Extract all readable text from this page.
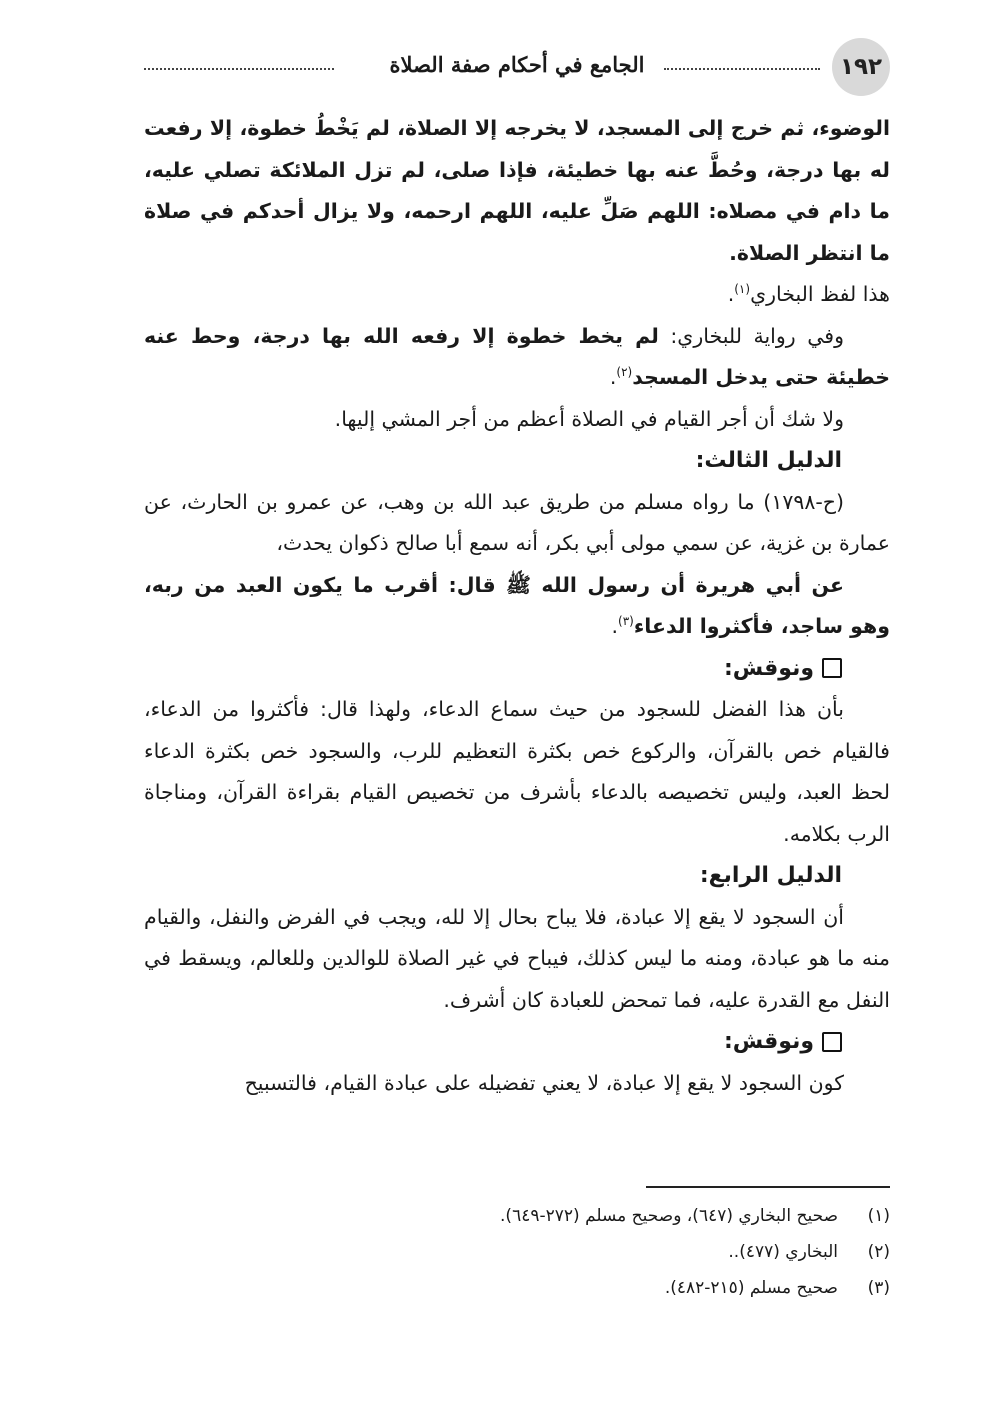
١٩٢
الجامع في أحكام صفة الصلاة

الوضوء، ثم خرج إلى المسجد، لا يخرجه إلا الصلاة، لم يَخْطُ خطوة، إلا رفعت له بها درجة، وحُطَّ عنه بها خطيئة، فإذا صلى، لم تزل الملائكة تصلي عليه، ما دام في مصلاه: اللهم صَلِّ عليه، اللهم ارحمه، ولا يزال أحدكم في صلاة ما انتظر الصلاة.
هذا لفظ البخاري$^{(١)}$.

وفي رواية للبخاري: لم يخط خطوة إلا رفعه الله بها درجة، وحط عنه خطيئة حتى يدخل المسجد$^{(٢)}$.

ولا شك أن أجر القيام في الصلاة أعظم من أجر المشي إليها.

الدليل الثالث:

(ح-١٧٩٨) ما رواه مسلم من طريق عبد الله بن وهب، عن عمرو بن الحارث، عن عمارة بن غزية، عن سمي مولى أبي بكر، أنه سمع أبا صالح ذكوان يحدث،

عن أبي هريرة أن رسول الله ﷺ قال: أقرب ما يكون العبد من ربه، وهو ساجد، فأكثروا الدعاء$^{(٣)}$.

ونوقش:

بأن هذا الفضل للسجود من حيث سماع الدعاء، ولهذا قال: فأكثروا من الدعاء، فالقيام خص بالقرآن، والركوع خص بكثرة التعظيم للرب، والسجود خص بكثرة الدعاء لحظ العبد، وليس تخصيصه بالدعاء بأشرف من تخصيص القيام بقراءة القرآن، ومناجاة الرب بكلامه.

الدليل الرابع:

أن السجود لا يقع إلا عبادة، فلا يباح بحال إلا لله، ويجب في الفرض والنفل، والقيام منه ما هو عبادة، ومنه ما ليس كذلك، فيباح في غير الصلاة للوالدين وللعالم، ويسقط في النفل مع القدرة عليه، فما تمحض للعبادة كان أشرف.

ونوقش:

كون السجود لا يقع إلا عبادة، لا يعني تفضيله على عبادة القيام، فالتسبيح

(١)
صحيح البخاري (٦٤٧)، وصحيح مسلم (٢٧٢-٦٤٩).
(٢)
البخاري (٤٧٧)..
(٣)
صحيح مسلم (٢١٥-٤٨٢).
